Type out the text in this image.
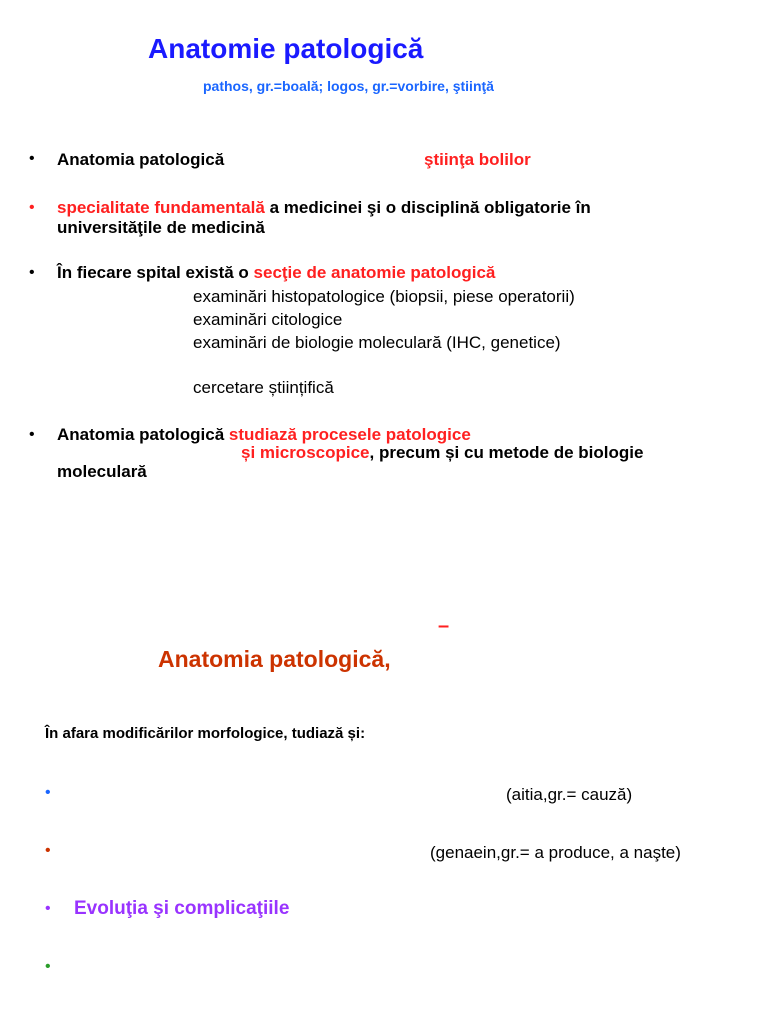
Anatomie patologică
pathos, gr.=boală; logos, gr.=vorbire, ştiinţă
• Anatomia patologică	ştiinţa bolilor
• specialitate fundamentală a medicinei şi o disciplină obligatorie în
universităţile de medicină
• În fiecare spital există o secţie de anatomie patologică
examinări histopatologice (biopsii, piese operatorii)
examinări citologice
examinări de biologie moleculară (IHC, genetice)
cercetare științifică
• Anatomia patologică studiază procesele patologice
și microscopice, precum și cu metode de biologie
moleculară
–
Anatomia patologică,
În afara modificărilor morfologice, tudiază și:
•	(aitia,gr.= cauză)
•	(genaein,gr.= a produce, a naşte)
• Evoluţia şi complicaţiile
•
